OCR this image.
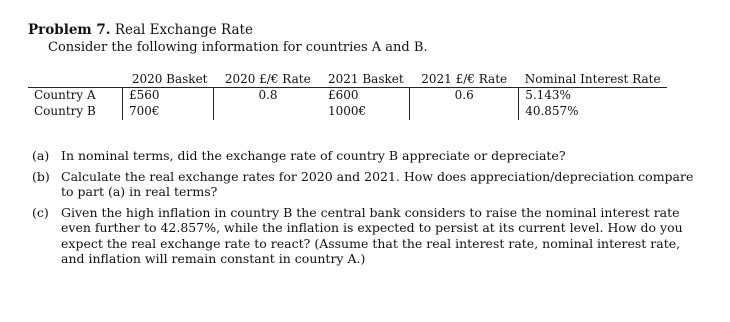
Problem 7. Real Exchange Rate
Consider the following information for countries A and B.
	2020 Basket	2020 £/€ Rate	2021 Basket	2021 £/€ Rate	Nominal Interest Rate
Country A	£560	0.8	£600	0.6	5.143%
Country B	700€		1000€		40.857%
(a) In nominal terms, did the exchange rate of country B appreciate or depreciate?
(b) Calculate the real exchange rates for 2020 and 2021. How does appreciation/depreciation compare to part (a) in real terms?
(c) Given the high inflation in country B the central bank considers to raise the nominal interest rate even further to 42.857%, while the inflation is expected to persist at its current level. How do you expect the real exchange rate to react? (Assume that the real interest rate, nominal interest rate, and inflation will remain constant in country A.)
